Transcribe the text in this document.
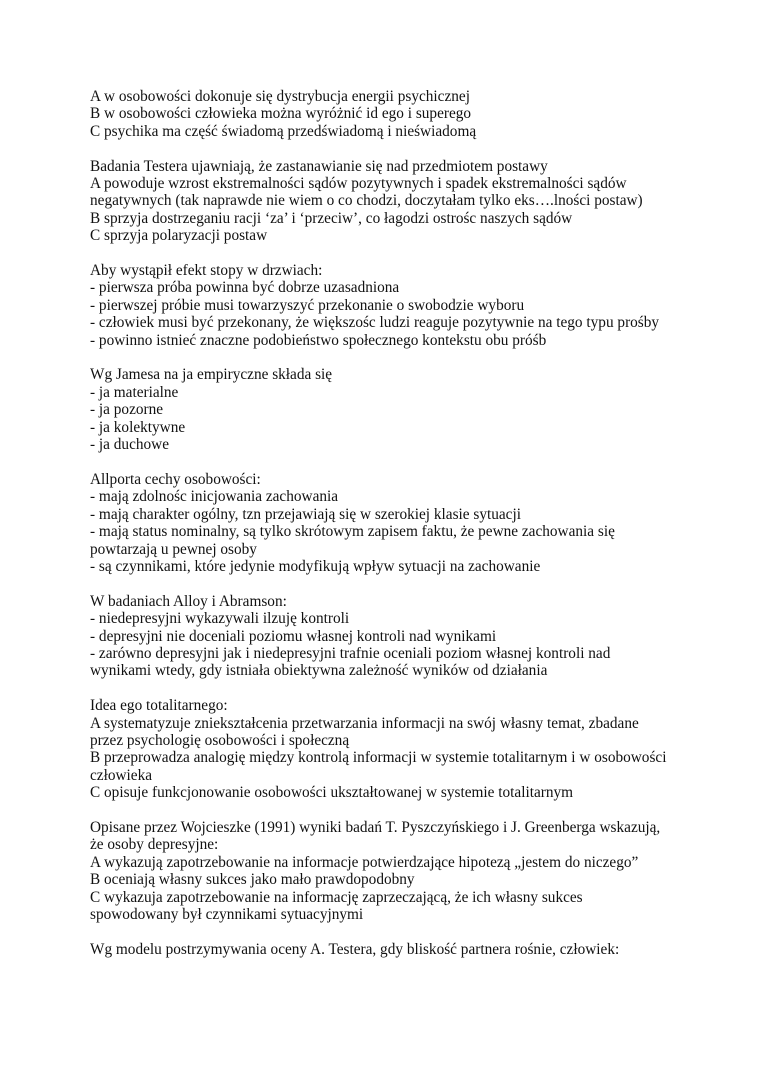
A w osobowości dokonuje się dystrybucja energii psychicznej
B w osobowości człowieka można wyróżnić id ego i superego
C psychika ma część świadomą przedświadomą i nieświadomą
Badania Testera ujawniają, że zastanawianie się nad przedmiotem postawy
A powoduje wzrost ekstremalności sądów pozytywnych i spadek ekstremalności sądów
negatywnych (tak naprawde nie wiem o co chodzi, doczytałam tylko eks….lności postaw)
B sprzyja dostrzeganiu racji ‘za’ i ‘przeciw’, co łagodzi ostrośc naszych sądów
C sprzyja polaryzacji postaw
Aby wystąpił efekt stopy w drzwiach:
- pierwsza próba powinna być dobrze uzasadniona
- pierwszej próbie musi towarzyszyć przekonanie o swobodzie wyboru
- człowiek musi być przekonany, że większośc ludzi reaguje pozytywnie na tego typu prośby
- powinno istnieć znaczne podobieństwo społecznego kontekstu obu próśb
Wg Jamesa na ja empiryczne składa się
- ja materialne
- ja pozorne
- ja kolektywne
- ja duchowe
Allporta cechy osobowości:
- mają zdolnośc inicjowania zachowania
- mają charakter ogólny, tzn przejawiają się w szerokiej klasie sytuacji
- mają status nominalny, są tylko skrótowym zapisem faktu, że pewne zachowania się
powtarzają u pewnej osoby
- są czynnikami, które jedynie modyfikują wpływ sytuacji na zachowanie
W badaniach Alloy i Abramson:
- niedepresyjni wykazywali ilzuję kontroli
- depresyjni nie doceniali poziomu własnej kontroli nad wynikami
- zarówno depresyjni jak i niedepresyjni trafnie oceniali poziom własnej kontroli nad
wynikami wtedy, gdy istniała obiektywna zależność wyników od działania
Idea ego totalitarnego:
A systematyzuje zniekształcenia przetwarzania informacji na swój własny temat, zbadane
przez psychologię osobowości i społeczną
B przeprowadza analogię między kontrolą informacji w systemie totalitarnym i w osobowości
człowieka
C opisuje funkcjonowanie osobowości ukształtowanej w systemie totalitarnym
Opisane przez Wojcieszke (1991) wyniki badań T. Pyszczyńskiego i J. Greenberga wskazują,
że osoby depresyjne:
A wykazują zapotrzebowanie na informacje potwierdzające hipotezą „jestem do niczego”
B oceniają własny sukces jako mało prawdopodobny
C wykazuja zapotrzebowanie na informację zaprzeczającą, że ich własny sukces
spowodowany był czynnikami sytuacyjnymi
Wg modelu postrzymywania oceny A. Testera, gdy bliskość partnera rośnie, człowiek:
